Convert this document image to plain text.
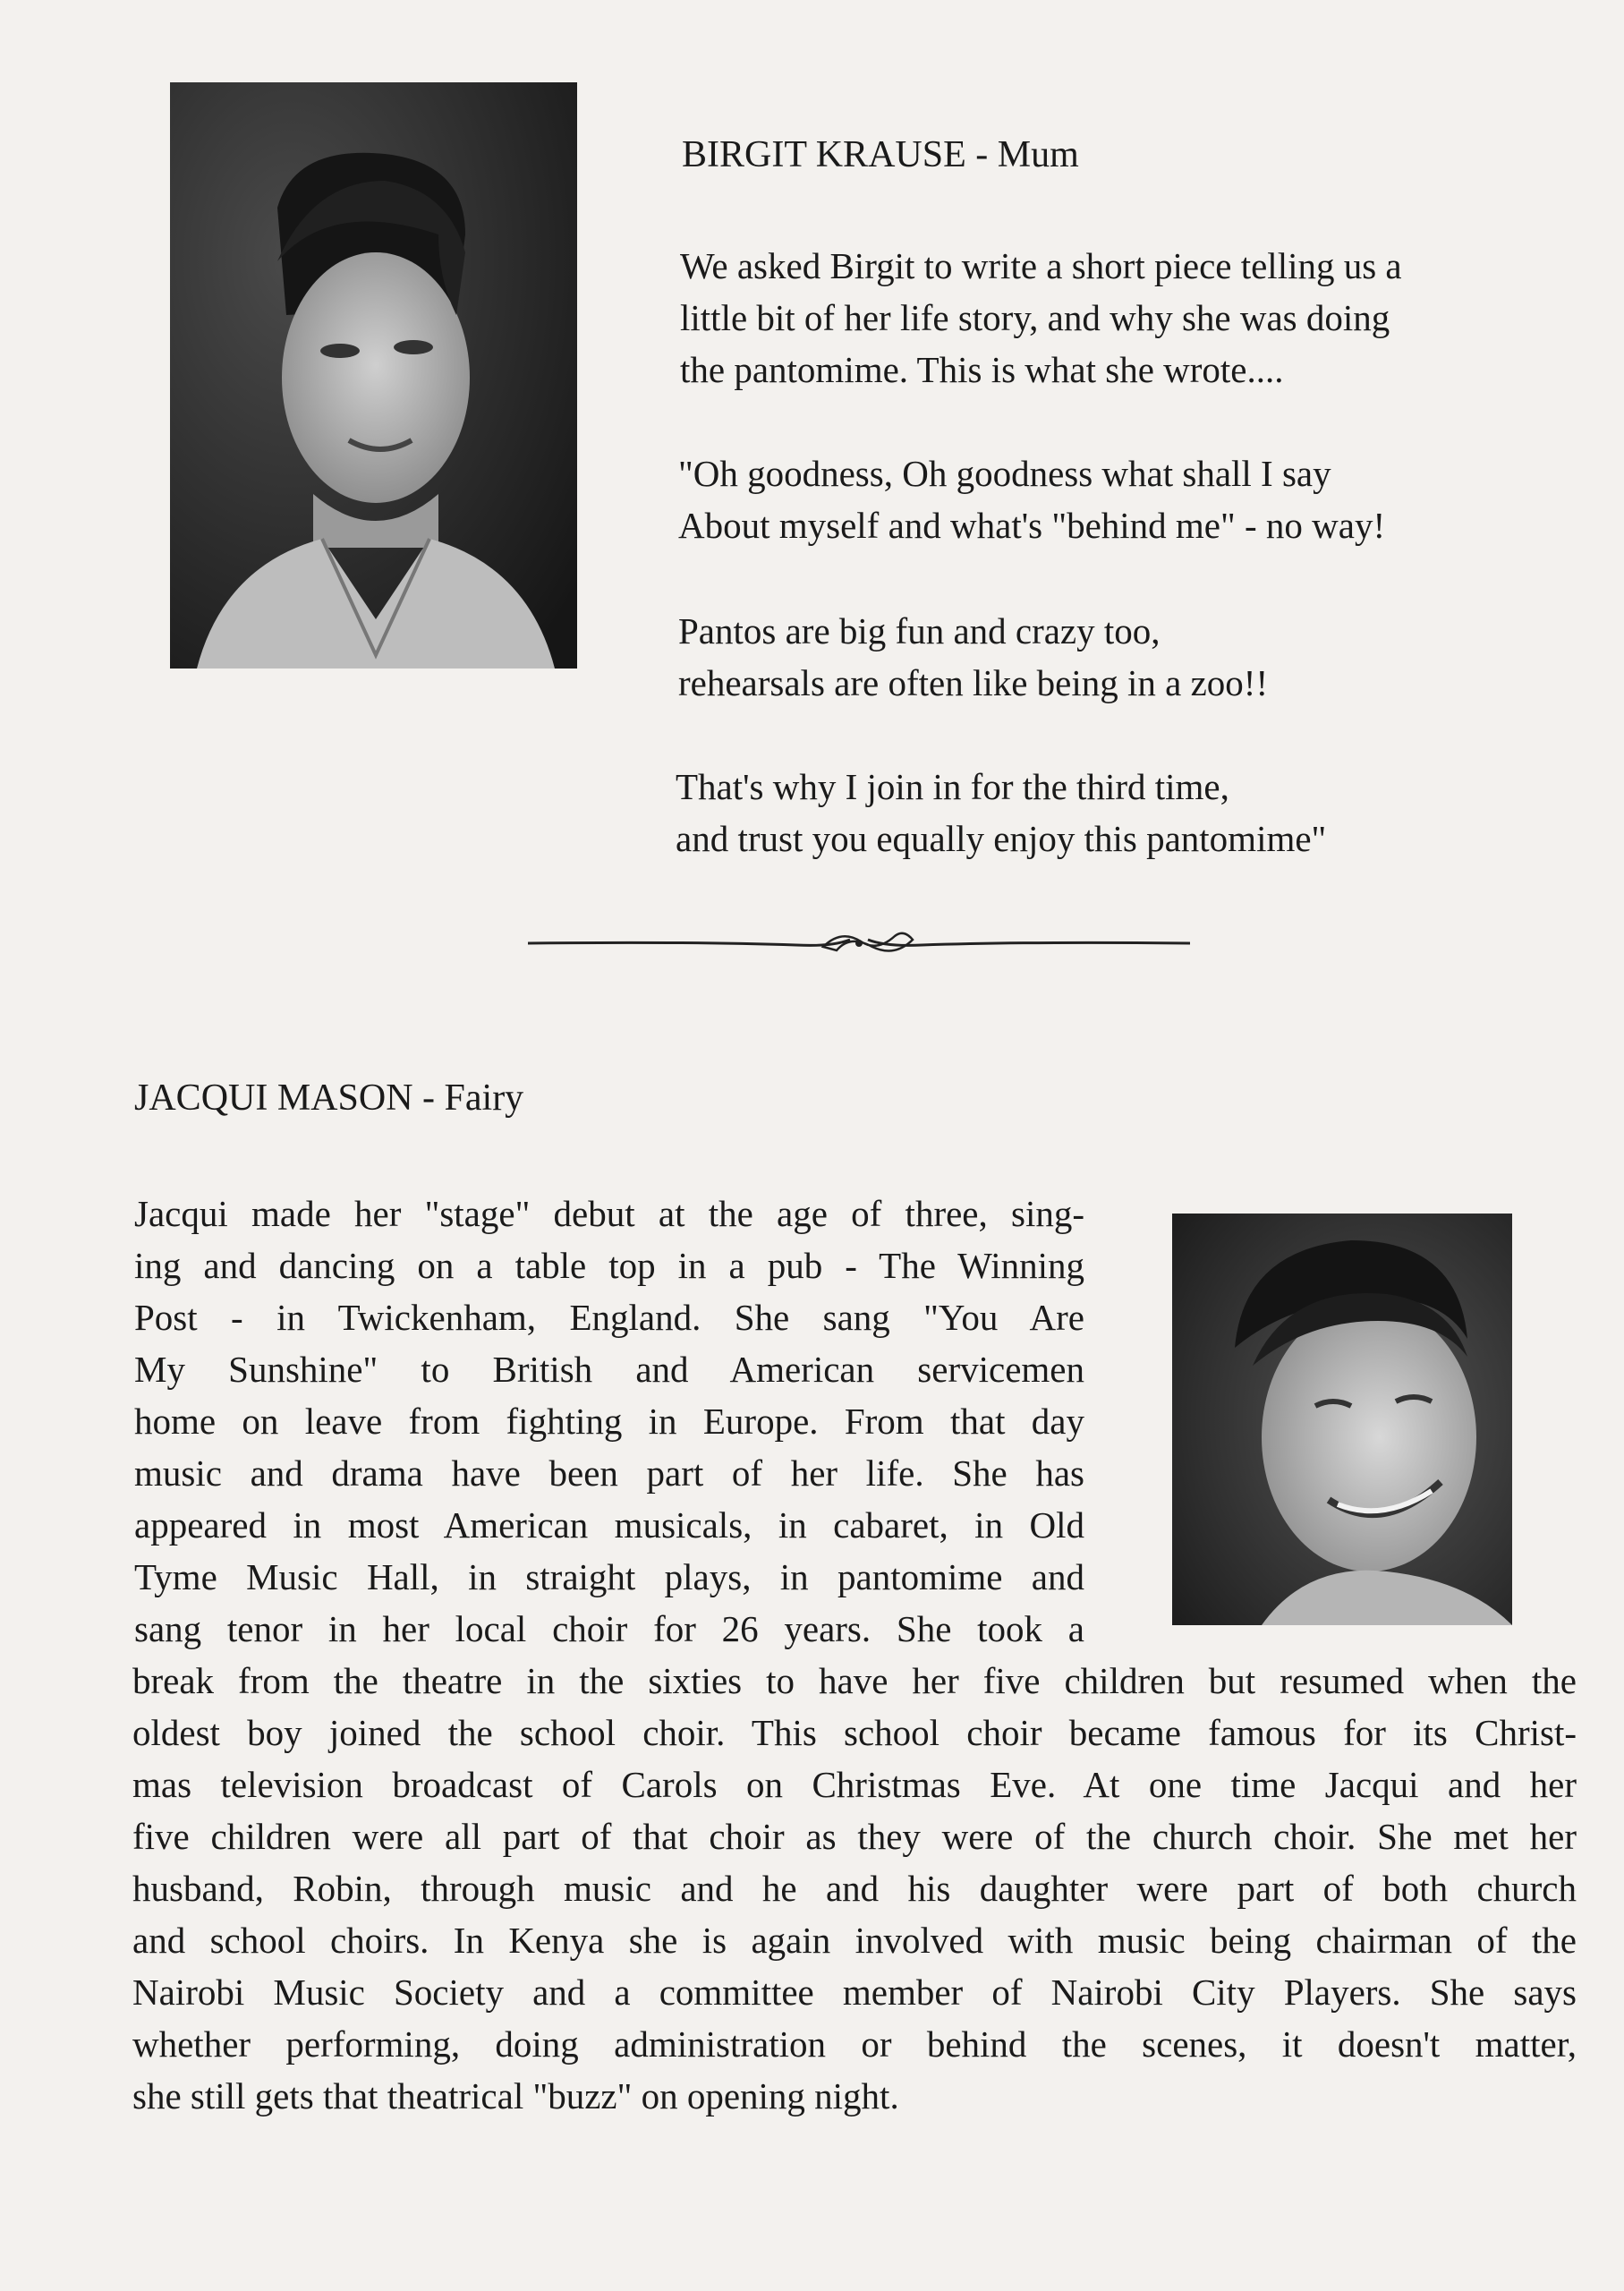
BIRGIT KRAUSE - Mum
We asked Birgit to write a short piece telling us a
little bit of her life story, and why she was doing
the pantomime. This is what she wrote....
"Oh goodness, Oh goodness what shall I say
About myself and what's "behind me" - no way!
Pantos are big fun and crazy too,
rehearsals are often like being in a zoo!!
That's why I join in for the third time,
and trust you equally enjoy this pantomime"
JACQUI MASON - Fairy
Jacqui made her "stage" debut at the age of three, sing-
ing and dancing on a table top in a pub - The Winning
Post - in Twickenham, England. She sang "You Are
My Sunshine" to British and American servicemen
home on leave from fighting in Europe. From that day
music and drama have been part of her life. She has
appeared in most American musicals, in cabaret, in Old
Tyme Music Hall, in straight plays, in pantomime and
sang tenor in her local choir for 26 years. She took a
break from the theatre in the sixties to have her five children but resumed when the
oldest boy joined the school choir. This school choir became famous for its Christ-
mas television broadcast of Carols on Christmas Eve. At one time Jacqui and her
five children were all part of that choir as they were of the church choir. She met her
husband, Robin, through music and he and his daughter were part of both church
and school choirs. In Kenya she is again involved with music being chairman of the
Nairobi Music Society and a committee member of Nairobi City Players. She says
whether performing, doing administration or behind the scenes, it doesn't matter,
she still gets that theatrical "buzz" on opening night.
